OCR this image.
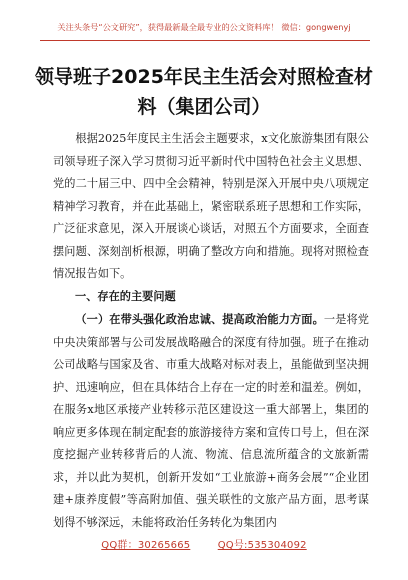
关注头条号“公文研究”，获得最新最全最专业的公文资料库！ 微信：gongwenyj
领导班子2025年民主生活会对照检查材
料（集团公司）

根据2025年度民主生活会主题要求，x文化旅游集团有限公司领导班子深入学习贯彻习近平新时代中国特色社会主义思想、党的二十届三中、四中全会精神，特别是深入开展中央八项规定精神学习教育，并在此基础上，紧密联系班子思想和工作实际，广泛征求意见，深入开展谈心谈话，对照五个方面要求，全面查摆问题、深刻剖析根源，明确了整改方向和措施。现将对照检查情况报告如下。

一、存在的主要问题

（一）在带头强化政治忠诚、提高政治能力方面。一是将党中央决策部署与公司发展战略融合的深度有待加强。班子在推动公司战略与国家及省、市重大战略对标对表上，虽能做到坚决拥护、迅速响应，但在具体结合上存在一定的时差和温差。例如，在服务x地区承接产业转移示范区建设这一重大部署上，集团的响应更多体现在制定配套的旅游接待方案和宣传口号上，但在深度挖掘产业转移背后的人流、物流、信息流所蕴含的文旅新需求，并以此为契机，创新开发如“工业旅游+商务会展”“企业团建+康养度假”等高附加值、强关联性的文旅产品方面，思考谋划得不够深远，未能将政治任务转化为集团内

QQ群：30265665	QQ号:535304092
